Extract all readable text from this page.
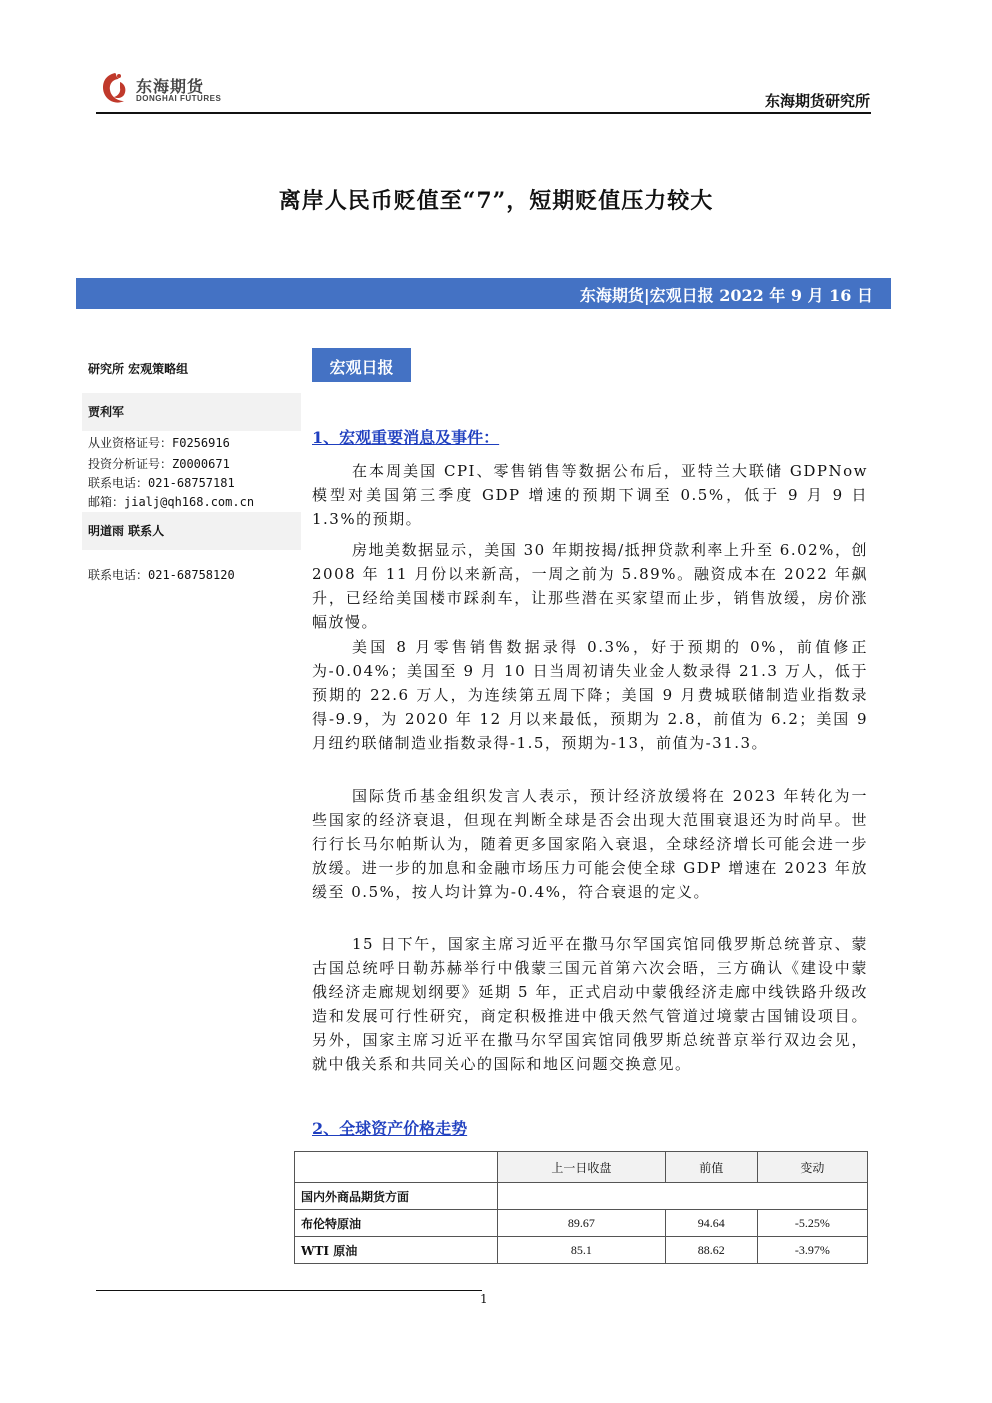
东海期货
DONGHAI FUTURES	东海期货研究所
离岸人民币贬值至“7”，短期贬值压力较大
东海期货|宏观日报 2022 年 9 月 16 日
研究所 宏观策略组
贾利军
从业资格证号：F0256916
投资分析证号：Z0000671
联系电话：021-68757181
邮箱：jialj@qh168.com.cn
明道雨 联系人
联系电话：021-68758120
宏观日报
1、宏观重要消息及事件：
在本周美国 CPI、零售销售等数据公布后，亚特兰大联储 GDPNow 模型对美国第三季度 GDP 增速的预期下调至 0.5%，低于 9 月 9 日 1.3%的预期。
房地美数据显示，美国 30 年期按揭/抵押贷款利率上升至 6.02%，创 2008 年 11 月份以来新高，一周之前为 5.89%。融资成本在 2022 年飙升，已经给美国楼市踩刹车，让那些潜在买家望而止步，销售放缓，房价涨幅放慢。
美国 8 月零售销售数据录得 0.3%，好于预期的 0%，前值修正为-0.04%；美国至 9 月 10 日当周初请失业金人数录得 21.3 万人，低于预期的 22.6 万人，为连续第五周下降；美国 9 月费城联储制造业指数录得-9.9，为 2020 年 12 月以来最低，预期为 2.8，前值为 6.2；美国 9 月纽约联储制造业指数录得-1.5，预期为-13，前值为-31.3。
国际货币基金组织发言人表示，预计经济放缓将在 2023 年转化为一些国家的经济衰退，但现在判断全球是否会出现大范围衰退还为时尚早。世行行长马尔帕斯认为，随着更多国家陷入衰退，全球经济增长可能会进一步放缓。进一步的加息和金融市场压力可能会使全球 GDP 增速在 2023 年放缓至 0.5%，按人均计算为-0.4%，符合衰退的定义。
15 日下午，国家主席习近平在撒马尔罕国宾馆同俄罗斯总统普京、蒙古国总统呼日勒苏赫举行中俄蒙三国元首第六次会晤，三方确认《建设中蒙俄经济走廊规划纲要》延期 5 年，正式启动中蒙俄经济走廊中线铁路升级改造和发展可行性研究，商定积极推进中俄天然气管道过境蒙古国铺设项目。另外，国家主席习近平在撒马尔罕国宾馆同俄罗斯总统普京举行双边会见，就中俄关系和共同关心的国际和地区问题交换意见。
2、全球资产价格走势
	上一日收盘	前值	变动
国内外商品期货方面			
布伦特原油	89.67	94.64	-5.25%
WTI 原油	85.1	88.62	-3.97%
1
